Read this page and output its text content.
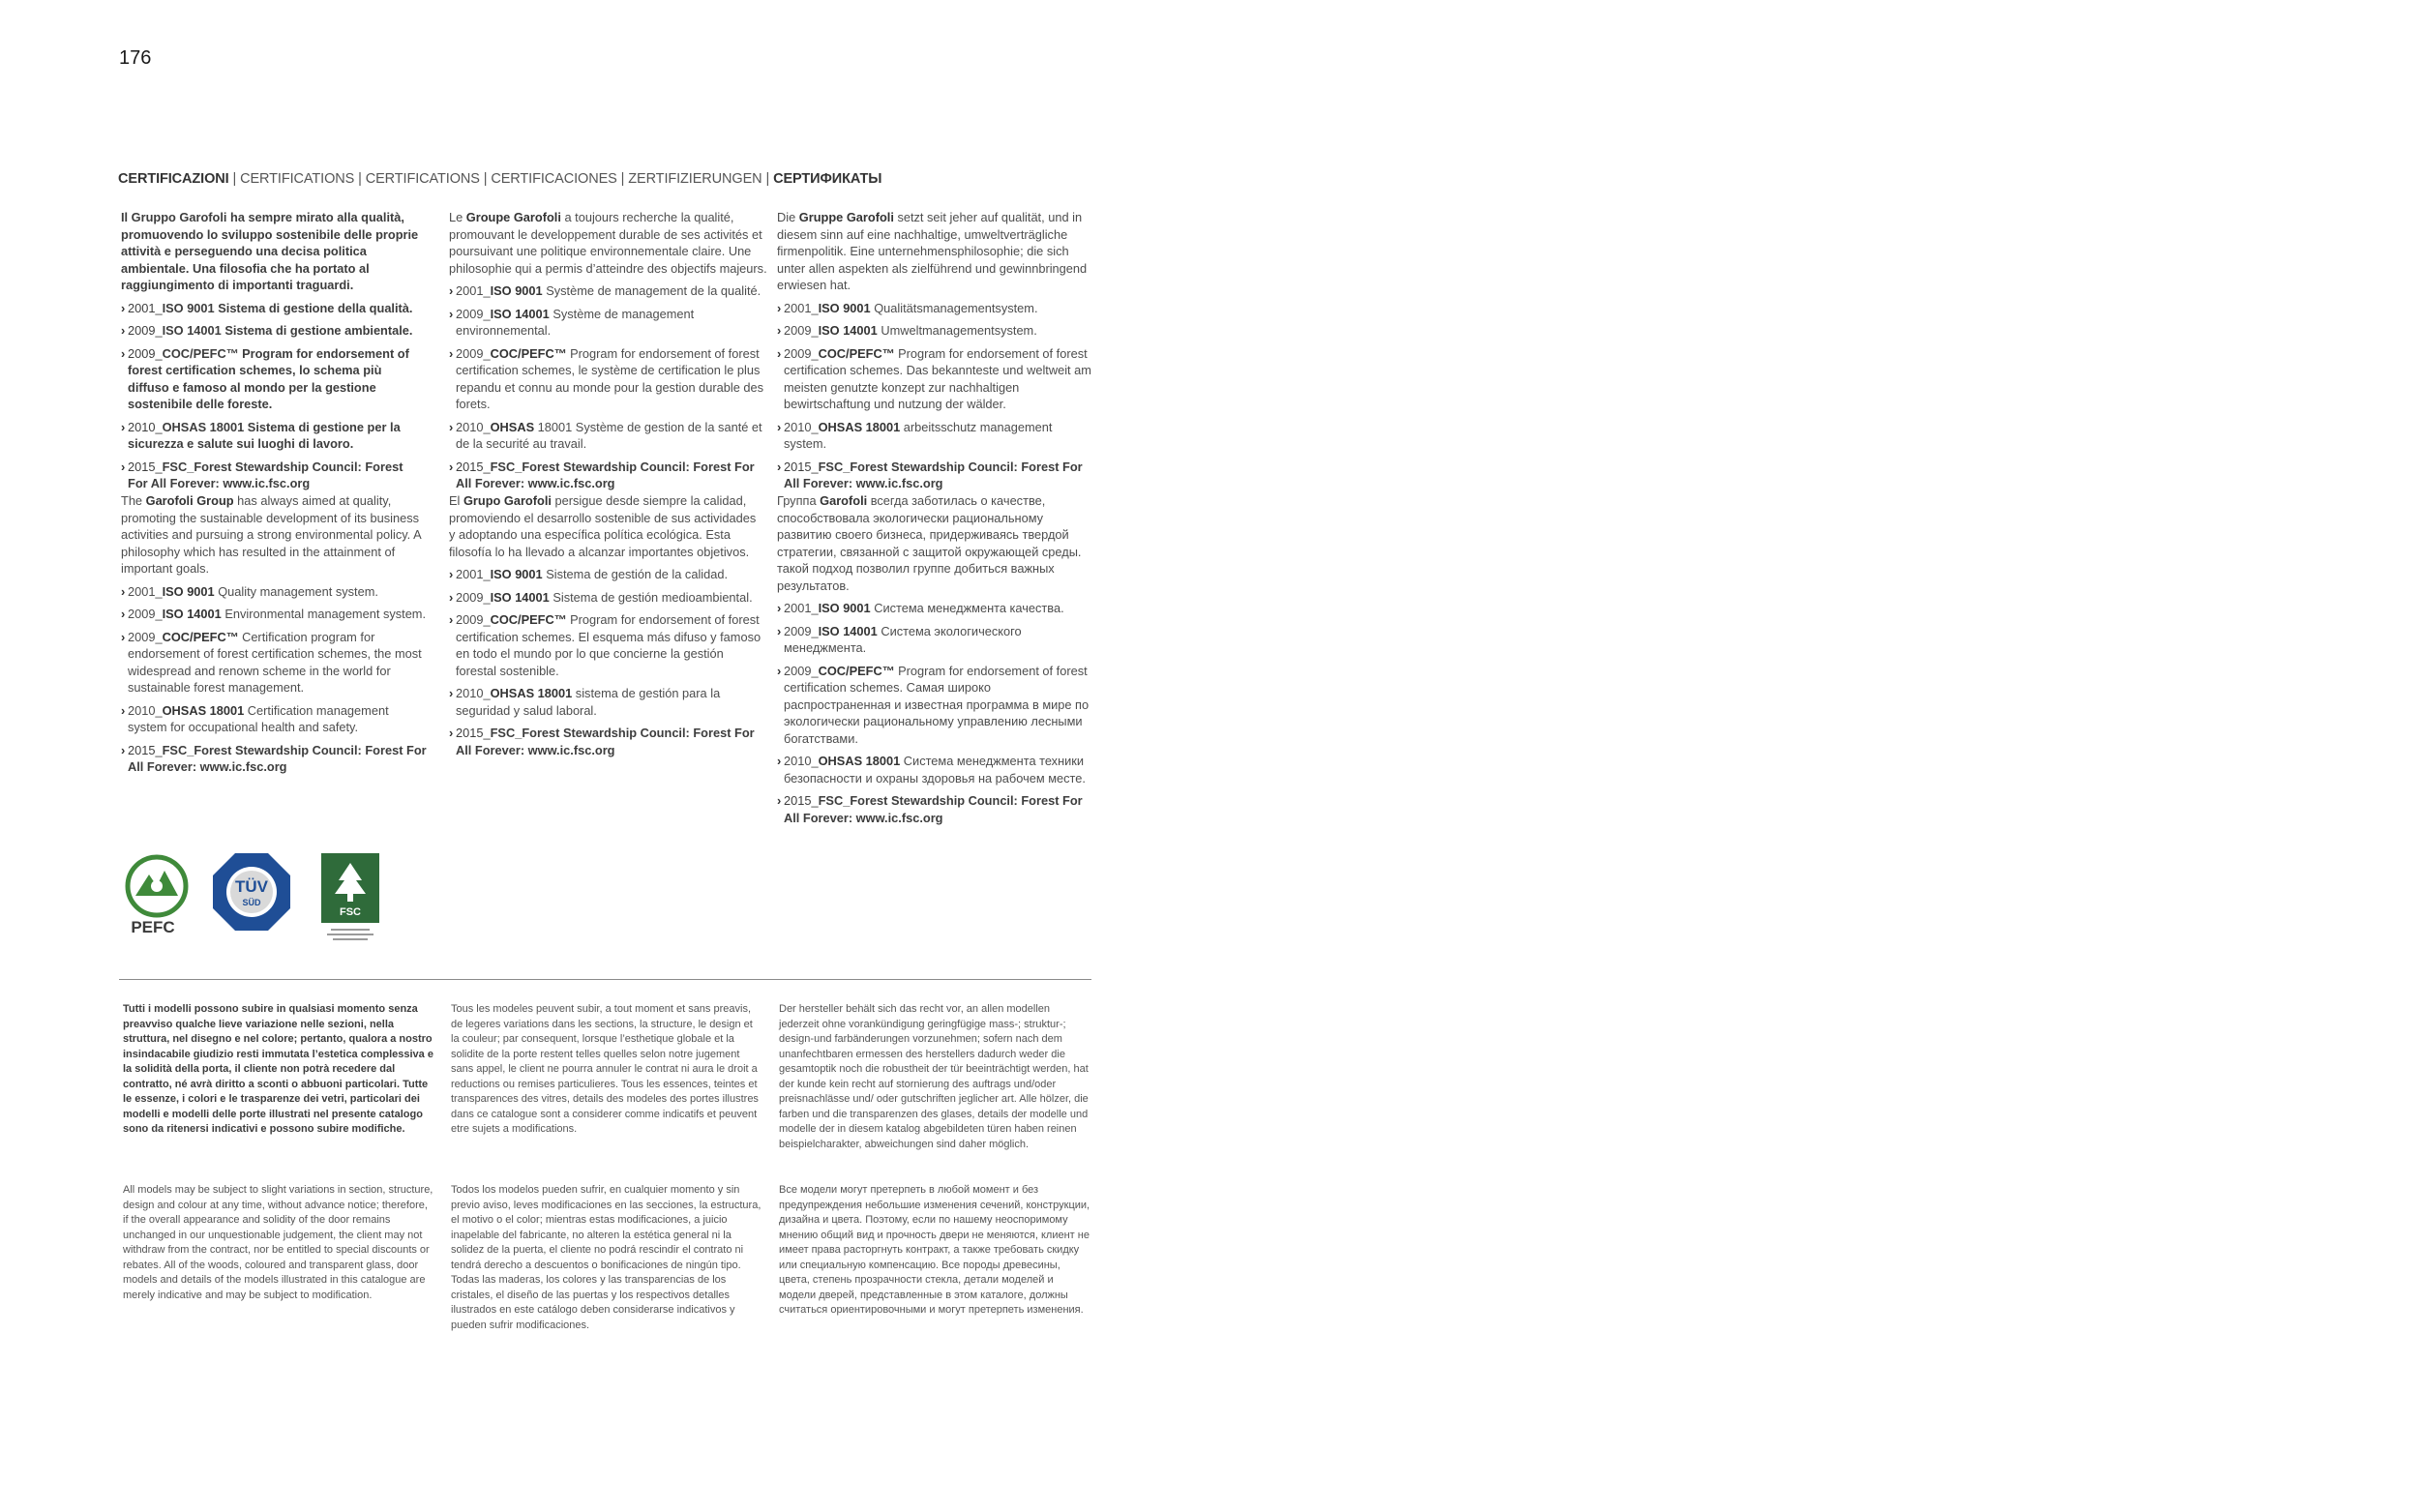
176
CERTIFICAZIONI | CERTIFICATIONS | CERTIFICATIONS | CERTIFICACIONES | ZERTIFIZIERUNGEN | СЕРТИФИКАТЫ

Il Gruppo Garofoli ha sempre mirato alla qualità, promuovendo lo sviluppo sostenibile delle proprie attività e perseguendo una decisa politica ambientale. Una filosofia che ha portato al raggiungimento di importanti traguardi.

› 2001_ISO 9001 Sistema di gestione della qualità.
› 2009_ISO 14001 Sistema di gestione ambientale.
› 2009_COC/PEFC™ Program for endorsement of forest certification schemes, lo schema più diffuso e famoso al mondo per la gestione sostenibile delle foreste.
› 2010_OHSAS 18001 Sistema di gestione per la sicurezza e salute sui luoghi di lavoro.
› 2015_FSC_Forest Stewardship Council: Forest For All Forever: www.ic.fsc.org

Le Groupe Garofoli a toujours recherche la qualité, promouvant le developpement durable de ses activités et poursuivant une politique environnementale claire. Une philosophie qui a permis d’atteindre des objectifs majeurs.

› 2001_ISO 9001 Système de management de la qualité.
› 2009_ISO 14001 Système de management environnemental.
› 2009_COC/PEFC™ Program for endorsement of forest certification schemes, le système de certification le plus repandu et connu au monde pour la gestion durable des forets.
› 2010_OHSAS 18001 Système de gestion de la santé et de la securité au travail.
› 2015_FSC_Forest Stewardship Council: Forest For All Forever: www.ic.fsc.org

Die Gruppe Garofoli setzt seit jeher auf qualität, und in diesem sinn auf eine nachhaltige, umweltverträgliche firmenpolitik. Eine unternehmensphilosophie; die sich unter allen aspekten als zielführend und gewinnbringend erwiesen hat.

› 2001_ISO 9001 Qualitätsmanagementsystem.
› 2009_ISO 14001 Umweltmanagementsystem.
› 2009_COC/PEFC™ Program for endorsement of forest certification schemes. Das bekannteste und weltweit am meisten genutzte konzept zur nachhaltigen bewirtschaftung und nutzung der wälder.
› 2010_OHSAS 18001 arbeitsschutz management system.
› 2015_FSC_Forest Stewardship Council: Forest For All Forever: www.ic.fsc.org

The Garofoli Group has always aimed at quality, promoting the sustainable development of its business activities and pursuing a strong environmental policy. A philosophy which has resulted in the attainment of important goals.

› 2001_ISO 9001 Quality management system.
› 2009_ISO 14001 Environmental management system.
› 2009_COC/PEFC™ Certification program for endorsement of forest certification schemes, the most widespread and renown scheme in the world for sustainable forest management.
› 2010_OHSAS 18001 Certification management system for occupational health and safety.
› 2015_FSC_Forest Stewardship Council: Forest For All Forever: www.ic.fsc.org

El Grupo Garofoli persigue desde siempre la calidad, promoviendo el desarrollo sostenible de sus actividades y adoptando una específica política ecológica. Esta filosofía lo ha llevado a alcanzar importantes objetivos.

› 2001_ISO 9001 Sistema de gestión de la calidad.
› 2009_ISO 14001 Sistema de gestión medioambiental.
› 2009_COC/PEFC™ Program for endorsement of forest certification schemes. El esquema más difuso y famoso en todo el mundo por lo que concierne la gestión forestal sostenible.
› 2010_OHSAS 18001 sistema de gestión para la seguridad y salud laboral.
› 2015_FSC_Forest Stewardship Council: Forest For All Forever: www.ic.fsc.org

Группа Garofoli всегда заботилась о качестве, способствовала экологически рациональному развитию своего бизнеса, придерживаясь твердой стратегии, связанной с защитой окружающей среды. такой подход позволил группе добиться важных результатов.

› 2001_ISO 9001 Система менеджмента качества.
› 2009_ISO 14001 Система экологического менеджмента.
› 2009_COC/PEFC™ Program for endorsement of forest certification schemes. Самая широко распространенная и известная программа в мире по экологически рациональному управлению лесными богатствами.
› 2010_OHSAS 18001 Система менеджмента техники безопасности и охраны здоровья на рабочем месте.
› 2015_FSC_Forest Stewardship Council: Forest For All Forever: www.ic.fsc.org
PEFC
TÜV
SÜD
FSC
Tutti i modelli possono subire in qualsiasi momento senza preavviso qualche lieve variazione nelle sezioni, nella struttura, nel disegno e nel colore; pertanto, qualora a nostro insindacabile giudizio resti immutata l’estetica complessiva e la solidità della porta, il cliente non potrà recedere dal contratto, né avrà diritto a sconti o abbuoni particolari. Tutte le essenze, i colori e le trasparenze dei vetri, particolari dei modelli e modelli delle porte illustrati nel presente catalogo sono da ritenersi indicativi e possono subire modifiche.
Tous les modeles peuvent subir, a tout moment et sans preavis, de legeres variations dans les sections, la structure, le design et la couleur; par consequent, lorsque l’esthetique globale et la solidite de la porte restent telles quelles selon notre jugement sans appel, le client ne pourra annuler le contrat ni aura le droit a reductions ou remises particulieres. Tous les essences, teintes et transparences des vitres, details des modeles des portes illustres dans ce catalogue sont a considerer comme indicatifs et peuvent etre sujets a modifications.
Der hersteller behält sich das recht vor, an allen modellen jederzeit ohne vorankündigung geringfügige mass-; struktur-; design-und farbänderungen vorzunehmen; sofern nach dem unanfechtbaren ermessen des herstellers dadurch weder die gesamtoptik noch die robustheit der tür beeinträchtigt werden, hat der kunde kein recht auf stornierung des auftrags und/oder preisnachlässe und/ oder gutschriften jeglicher art. Alle hölzer, die farben und die transparenzen des glases, details der modelle und modelle der in diesem katalog abgebildeten türen haben reinen beispielcharakter, abweichungen sind daher möglich.
All models may be subject to slight variations in section, structure, design and colour at any time, without advance notice; therefore, if the overall appearance and solidity of the door remains unchanged in our unquestionable judgement, the client may not withdraw from the contract, nor be entitled to special discounts or rebates. All of the woods, coloured and transparent glass, door models and details of the models illustrated in this catalogue are merely indicative and may be subject to modification.
Todos los modelos pueden sufrir, en cualquier momento y sin previo aviso, leves modificaciones en las secciones, la estructura, el motivo o el color; mientras estas modificaciones, a juicio inapelable del fabricante, no alteren la estética general ni la solidez de la puerta, el cliente no podrá rescindir el contrato ni tendrá derecho a descuentos o bonificaciones de ningún tipo. Todas las maderas, los colores y las transparencias de los cristales, el diseño de las puertas y los respectivos detalles ilustrados en este catálogo deben considerarse indicativos y pueden sufrir modificaciones.
Все модели могут претерпеть в любой момент и без предупреждения небольшие изменения сечений, конструкции, дизайна и цвета. Поэтому, если по нашему неоспоримому мнению общий вид и прочность двери не меняются, клиент не имеет права расторгнуть контракт, а также требовать скидку или специальную компенсацию. Все породы древесины, цвета, степень прозрачности стекла, детали моделей и модели дверей, представленные в этом каталоге, должны считаться ориентировочными и могут претерпеть изменения.
